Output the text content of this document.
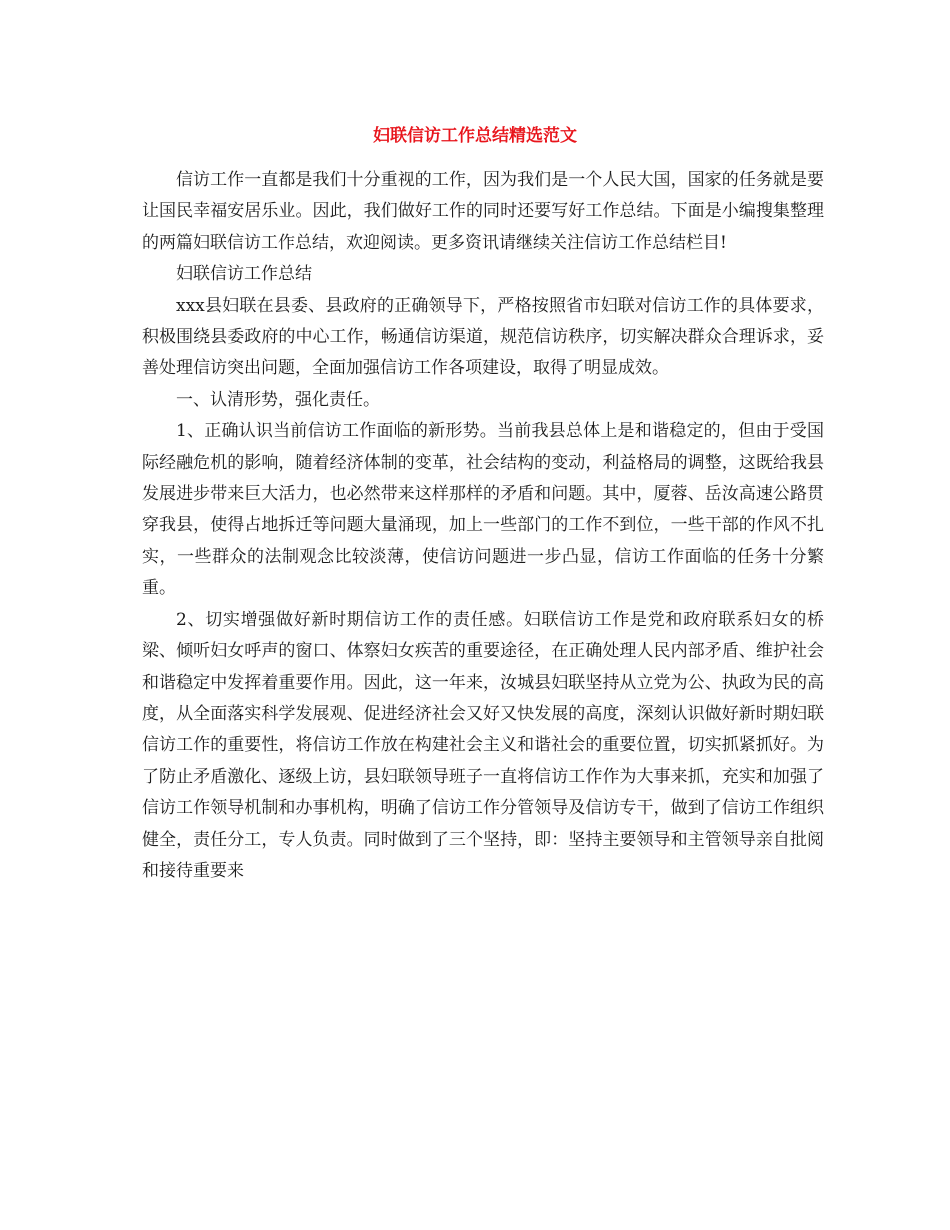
妇联信访工作总结精选范文

信访工作一直都是我们十分重视的工作，因为我们是一个人民大国，国家的任务就是要让国民幸福安居乐业。因此，我们做好工作的同时还要写好工作总结。下面是小编搜集整理的两篇妇联信访工作总结，欢迎阅读。更多资讯请继续关注信访工作总结栏目!

妇联信访工作总结

xxx县妇联在县委、县政府的正确领导下，严格按照省市妇联对信访工作的具体要求，积极围绕县委政府的中心工作，畅通信访渠道，规范信访秩序，切实解决群众合理诉求，妥善处理信访突出问题，全面加强信访工作各项建设，取得了明显成效。

一、认清形势，强化责任。

1、正确认识当前信访工作面临的新形势。当前我县总体上是和谐稳定的，但由于受国际经融危机的影响，随着经济体制的变革，社会结构的变动，利益格局的调整，这既给我县发展进步带来巨大活力，也必然带来这样那样的矛盾和问题。其中，厦蓉、岳汝高速公路贯穿我县，使得占地拆迁等问题大量涌现，加上一些部门的工作不到位，一些干部的作风不扎实，一些群众的法制观念比较淡薄，使信访问题进一步凸显，信访工作面临的任务十分繁重。

2、切实增强做好新时期信访工作的责任感。妇联信访工作是党和政府联系妇女的桥梁、倾听妇女呼声的窗口、体察妇女疾苦的重要途径，在正确处理人民内部矛盾、维护社会和谐稳定中发挥着重要作用。因此，这一年来，汝城县妇联坚持从立党为公、执政为民的高度，从全面落实科学发展观、促进经济社会又好又快发展的高度，深刻认识做好新时期妇联信访工作的重要性，将信访工作放在构建社会主义和谐社会的重要位置，切实抓紧抓好。为了防止矛盾激化、逐级上访，县妇联领导班子一直将信访工作作为大事来抓，充实和加强了信访工作领导机制和办事机构，明确了信访工作分管领导及信访专干，做到了信访工作组织健全，责任分工，专人负责。同时做到了三个坚持，即：坚持主要领导和主管领导亲自批阅和接待重要来
